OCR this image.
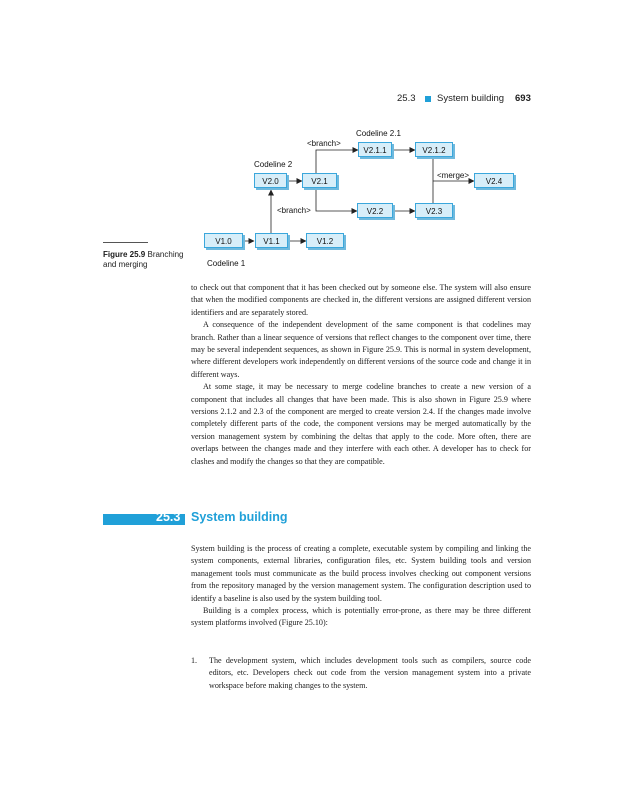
25.3 System building 693
V1.0	V1.1	V1.2
V2.0	V2.1
V2.1.1	V2.1.2
V2.2	V2.3
V2.4
Codeline 1
Codeline 2
Codeline 2.1
<branch>
<branch>
<merge>
Figure 25.9 Branching and merging

to check out that component that it has been checked out by someone else. The system will also ensure that when the modified components are checked in, the different versions are assigned different version identifiers and are separately stored.

A consequence of the independent development of the same component is that codelines may branch. Rather than a linear sequence of versions that reflect changes to the component over time, there may be several independent sequences, as shown in Figure 25.9. This is normal in system development, where different developers work independently on different versions of the source code and change it in different ways.

At some stage, it may be necessary to merge codeline branches to create a new version of a component that includes all changes that have been made. This is also shown in Figure 25.9 where versions 2.1.2 and 2.3 of the component are merged to create version 2.4. If the changes made involve completely different parts of the code, the component versions may be merged automatically by the version management system by combining the deltas that apply to the code. More often, there are overlaps between the changes made and they interfere with each other. A developer has to check for clashes and modify the changes so that they are compatible.

25.3 System building

System building is the process of creating a complete, executable system by compiling and linking the system components, external libraries, configuration files, etc. System building tools and version management tools must communicate as the build process involves checking out component versions from the repository managed by the version management system. The configuration description used to identify a baseline is also used by the system building tool.

Building is a complex process, which is potentially error-prone, as there may be three different system platforms involved (Figure 25.10):

1. The development system, which includes development tools such as compilers, source code editors, etc. Developers check out code from the version management system into a private workspace before making changes to the system.
